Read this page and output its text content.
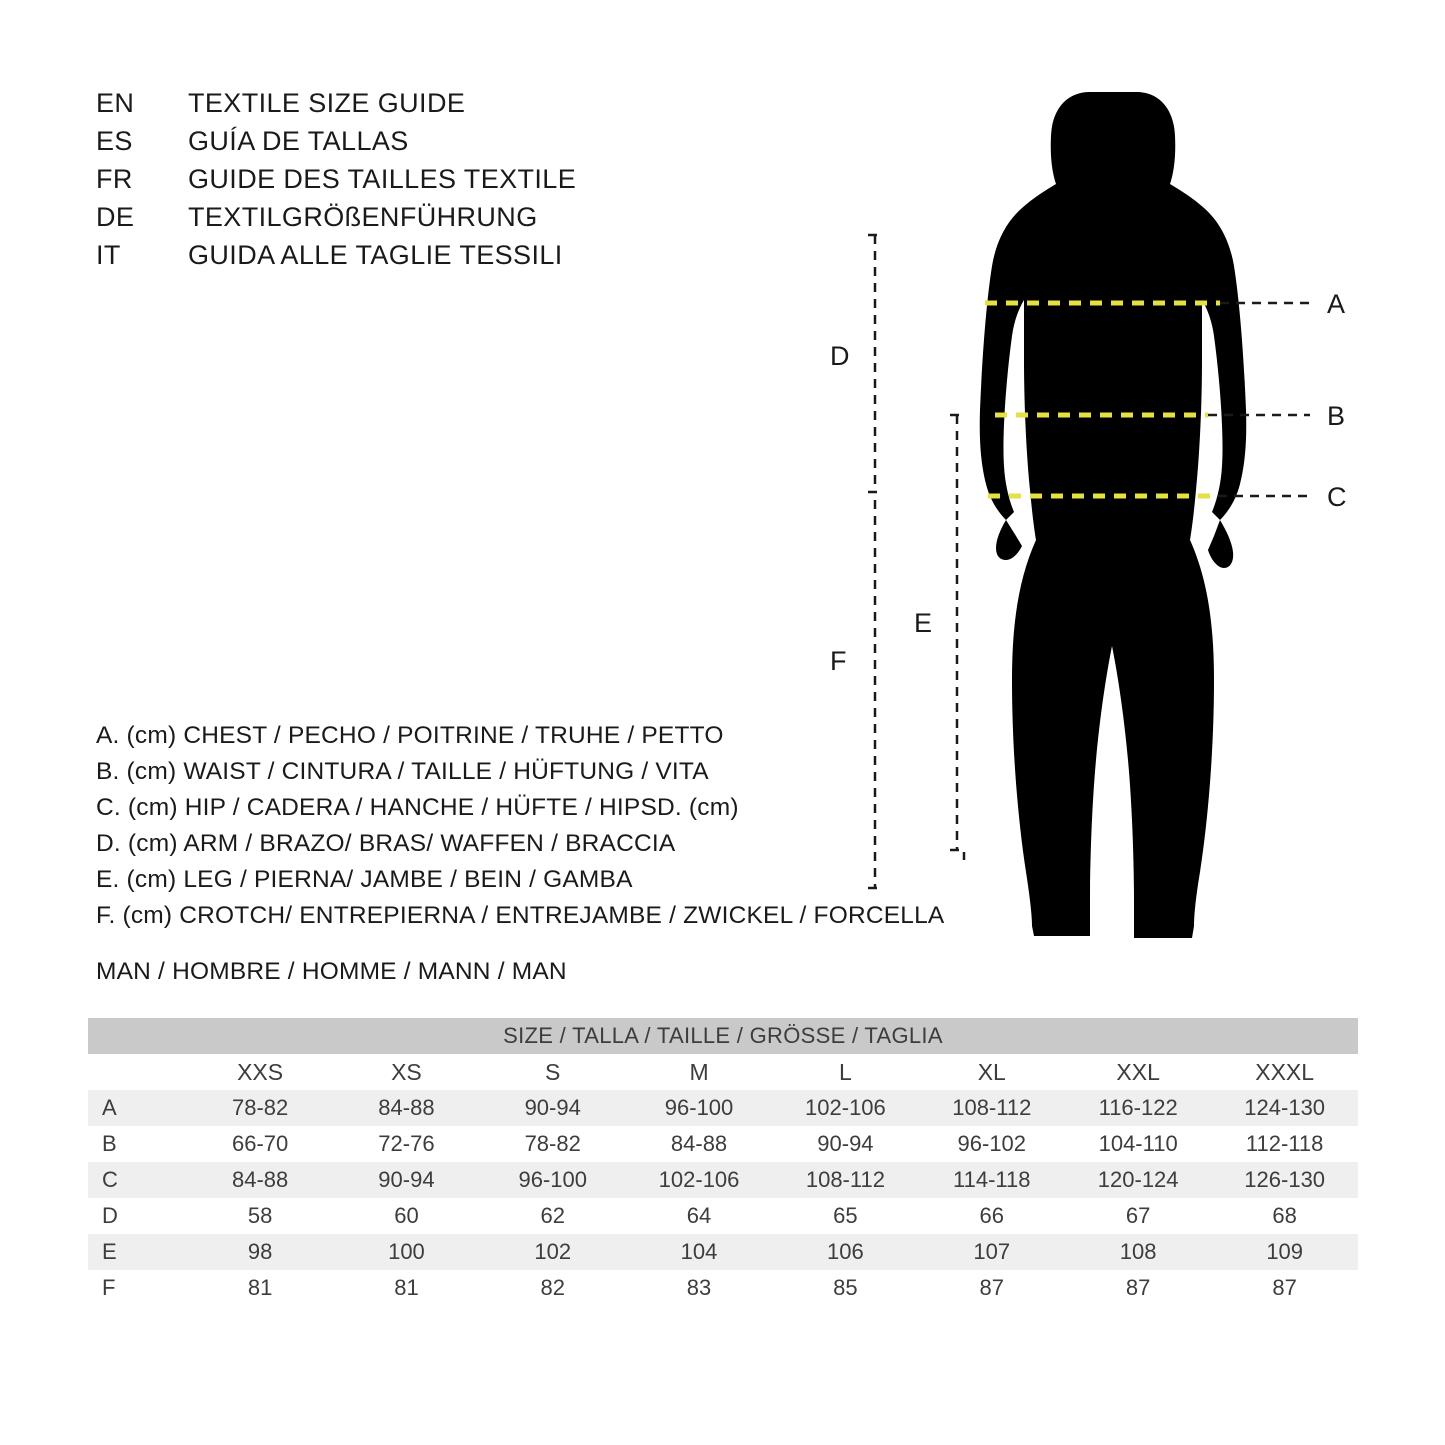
EN	TEXTILE SIZE GUIDE
ES	GUÍA DE TALLAS
FR	GUIDE DES TAILLES TEXTILE
DE	TEXTILGRÖßENFÜHRUNG
IT	GUIDA ALLE TAGLIE TESSILI
A
B
C
D
F
E
A. (cm) CHEST / PECHO / POITRINE / TRUHE / PETTO
B. (cm) WAIST / CINTURA / TAILLE / HÜFTUNG / VITA
C. (cm) HIP / CADERA / HANCHE / HÜFTE / HIPSD. (cm)
D. (cm) ARM / BRAZO/ BRAS/ WAFFEN / BRACCIA
E. (cm) LEG / PIERNA/ JAMBE / BEIN / GAMBA
F. (cm) CROTCH/ ENTREPIERNA / ENTREJAMBE / ZWICKEL / FORCELLA
MAN / HOMBRE / HOMME / MANN / MAN
SIZE / TALLA / TAILLE / GRÖSSE / TAGLIA								
	XXS	XS	S	M	L	XL	XXL	XXXL
A	78-82	84-88	90-94	96-100	102-106	108-112	116-122	124-130
B	66-70	72-76	78-82	84-88	90-94	96-102	104-110	112-118
C	84-88	90-94	96-100	102-106	108-112	114-118	120-124	126-130
D	58	60	62	64	65	66	67	68
E	98	100	102	104	106	107	108	109
F	81	81	82	83	85	87	87	87
